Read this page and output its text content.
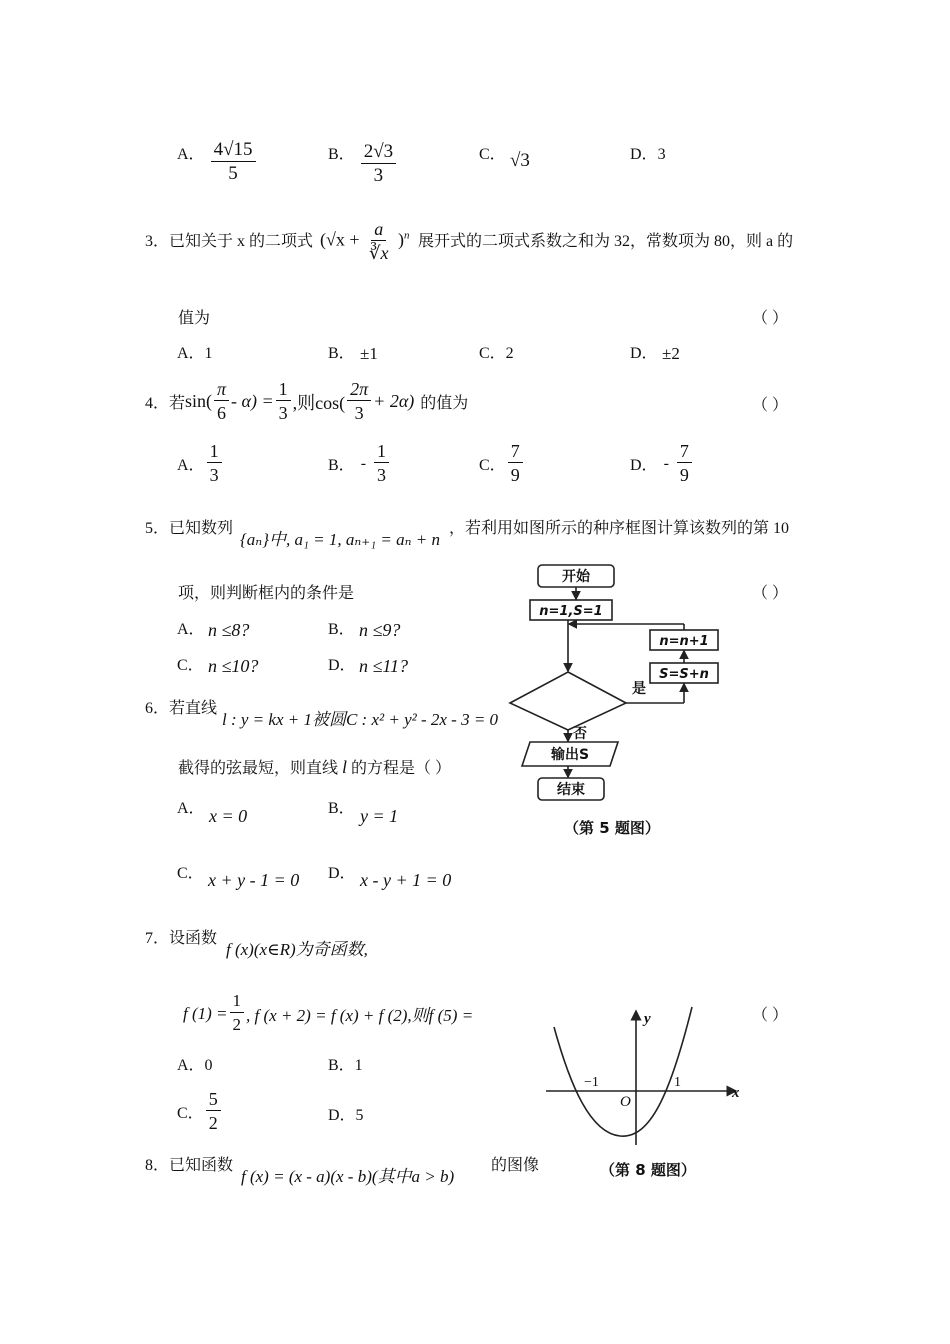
A． $\frac{4√15}{5}$	B． $\frac{2√3}{3}$	C． √3	D．3
3．已知关于 x 的二项式 $(√x + \frac{a}{∛x} )^n$ 展开式的二项式系数之和为 32，常数项为 80，则 a 的
值为	（ ）
A．1	B． ±1	C．2	D． ±2
4．若 $\sin( \frac{\pi}{6} - \alpha) = \frac{1}{3}$ ,则$\cos( \frac{2\pi}{3} + 2\alpha)$ 的值为	（ ）
A． $\frac{1}{3}$	B． - $\frac{1}{3}$	C． $\frac{7}{9}$	D． - $\frac{7}{9}$
5．已知数列
{aₙ}中, a₁ = 1, aₙ₊₁ = aₙ + n
，若利用如图所示的种序框图计算该数列的第 10
项，则判断框内的条件是	（ ）
A． n ≤8?	B． n ≤9?
C． n ≤10?	D． n ≤11?
开始
n=1,S=1
n=n+1
S=S+n
是
否
输出S
结束
（第 5 题图）
6．若直线
l : y = kx + 1被圆C : x² + y² - 2x - 3 = 0
截得的弦最短，则直线 l 的方程是（ ）
A． x = 0	B． y = 1
C． x + y - 1 = 0 D． x - y + 1 = 0
7．设函数
f (x)(x∈R)为奇函数,
f $(1) = \frac{1}{2}$ , f (x + 2) = f (x) + f (2),则f (5) =	（ ）
A．0	B．1
C． $\frac{5}{2}$	D．5
y
x
−1	1
O
（第 8 题图）
8．已知函数
f (x) = (x - a)(x - b)(其中a > b)
的图像
